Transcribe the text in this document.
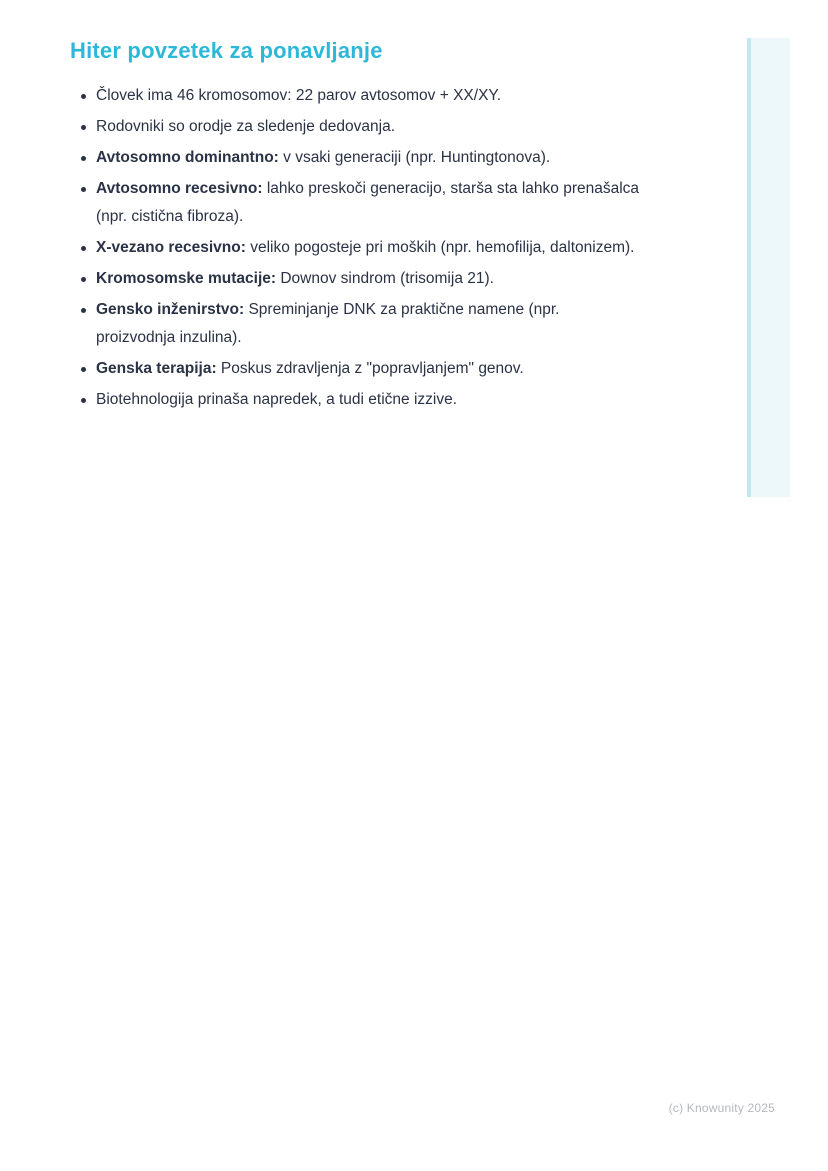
Hiter povzetek za ponavljanje
Človek ima 46 kromosomov: 22 parov avtosomov + XX/XY.
Rodovniki so orodje za sledenje dedovanja.
Avtosomno dominantno: v vsaki generaciji (npr. Huntingtonova).
Avtosomno recesivno: lahko preskoči generacijo, starša sta lahko prenašalca (npr. cistična fibroza).
X-vezano recesivno: veliko pogosteje pri moških (npr. hemofilija, daltonizem).
Kromosomske mutacije: Downov sindrom (trisomija 21).
Gensko inženirstvo: Spreminjanje DNK za praktične namene (npr. proizvodnja inzulina).
Genska terapija: Poskus zdravljenja z "popravljanjem" genov.
Biotehnologija prinaša napredek, a tudi etične izzive.
(c) Knowunity 2025
